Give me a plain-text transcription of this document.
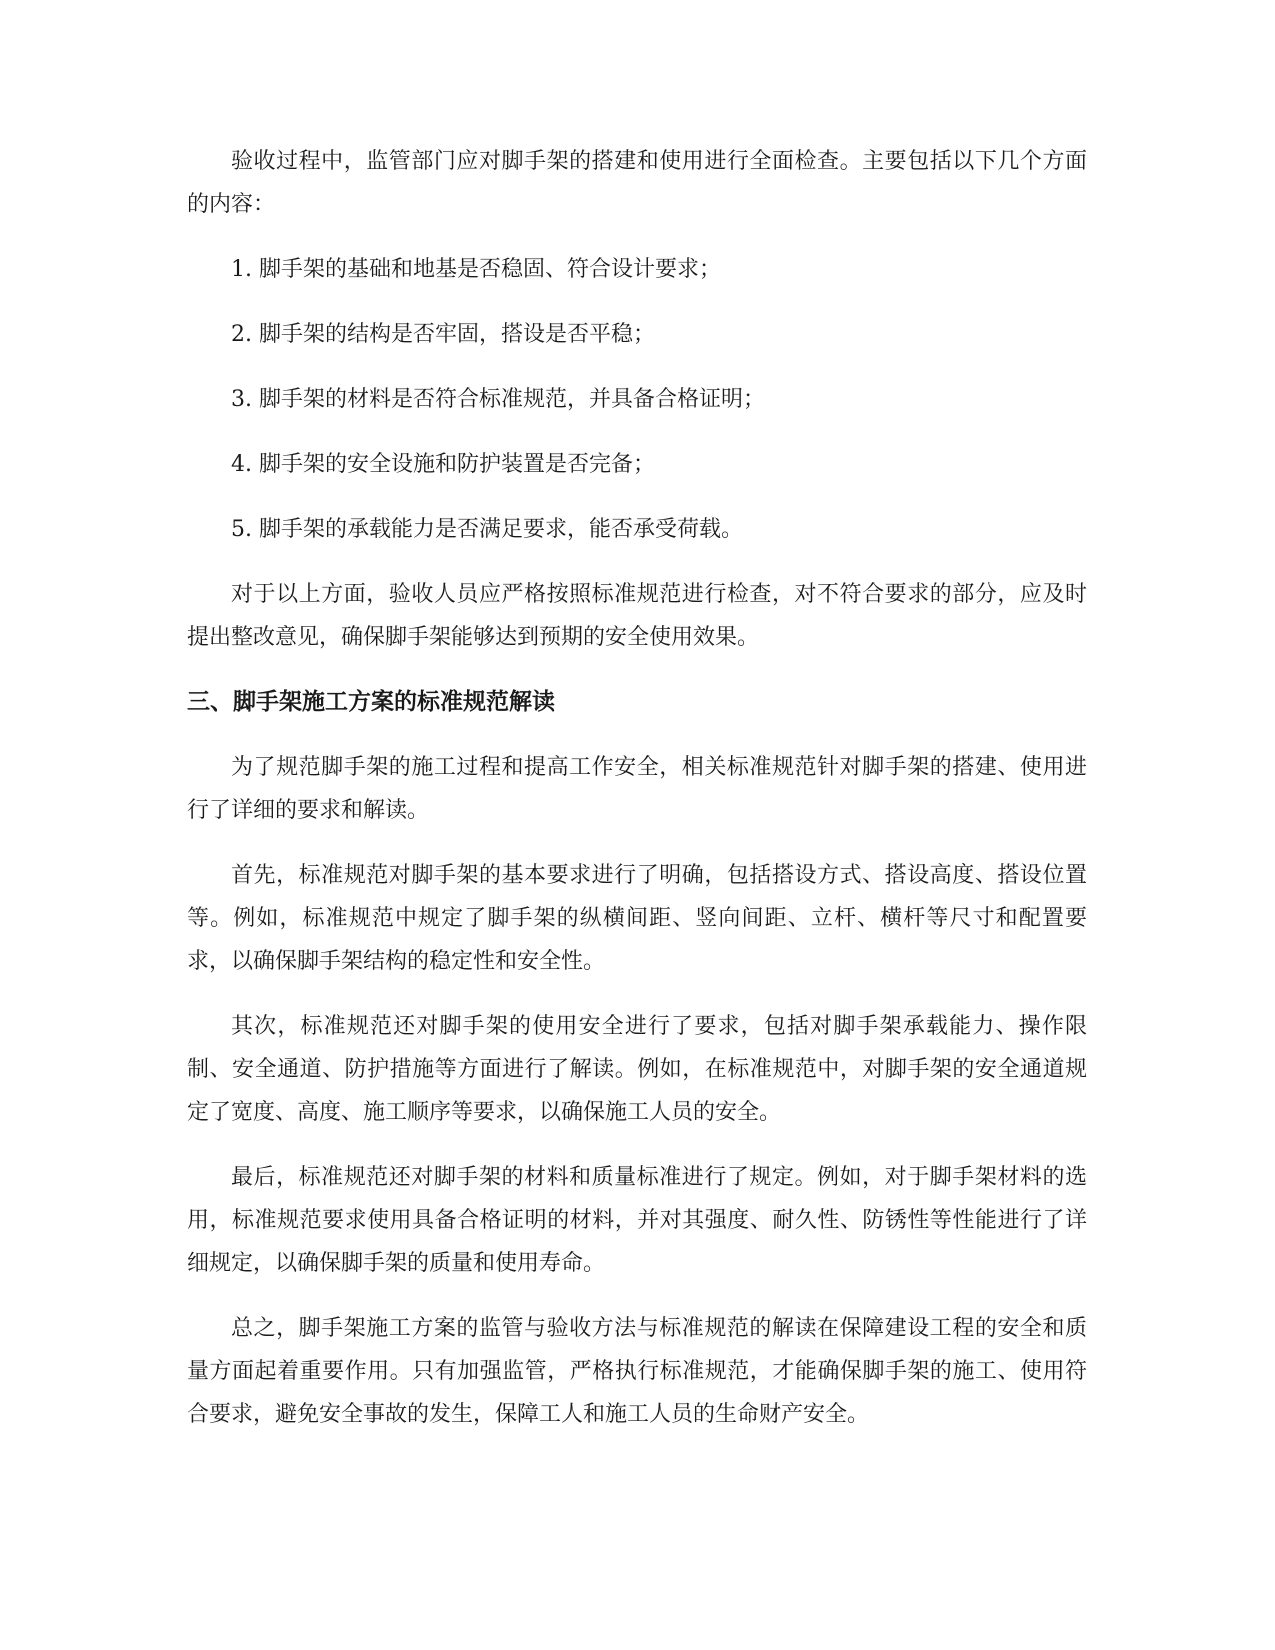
验收过程中，监管部门应对脚手架的搭建和使用进行全面检查。主要包括以下几个方面的内容：

1. 脚手架的基础和地基是否稳固、符合设计要求；

2. 脚手架的结构是否牢固，搭设是否平稳；

3. 脚手架的材料是否符合标准规范，并具备合格证明；

4. 脚手架的安全设施和防护装置是否完备；

5. 脚手架的承载能力是否满足要求，能否承受荷载。

对于以上方面，验收人员应严格按照标准规范进行检查，对不符合要求的部分，应及时提出整改意见，确保脚手架能够达到预期的安全使用效果。

三、脚手架施工方案的标准规范解读

为了规范脚手架的施工过程和提高工作安全，相关标准规范针对脚手架的搭建、使用进行了详细的要求和解读。

首先，标准规范对脚手架的基本要求进行了明确，包括搭设方式、搭设高度、搭设位置等。例如，标准规范中规定了脚手架的纵横间距、竖向间距、立杆、横杆等尺寸和配置要求，以确保脚手架结构的稳定性和安全性。

其次，标准规范还对脚手架的使用安全进行了要求，包括对脚手架承载能力、操作限制、安全通道、防护措施等方面进行了解读。例如，在标准规范中，对脚手架的安全通道规定了宽度、高度、施工顺序等要求，以确保施工人员的安全。

最后，标准规范还对脚手架的材料和质量标准进行了规定。例如，对于脚手架材料的选用，标准规范要求使用具备合格证明的材料，并对其强度、耐久性、防锈性等性能进行了详细规定，以确保脚手架的质量和使用寿命。

总之，脚手架施工方案的监管与验收方法与标准规范的解读在保障建设工程的安全和质量方面起着重要作用。只有加强监管，严格执行标准规范，才能确保脚手架的施工、使用符合要求，避免安全事故的发生，保障工人和施工人员的生命财产安全。
